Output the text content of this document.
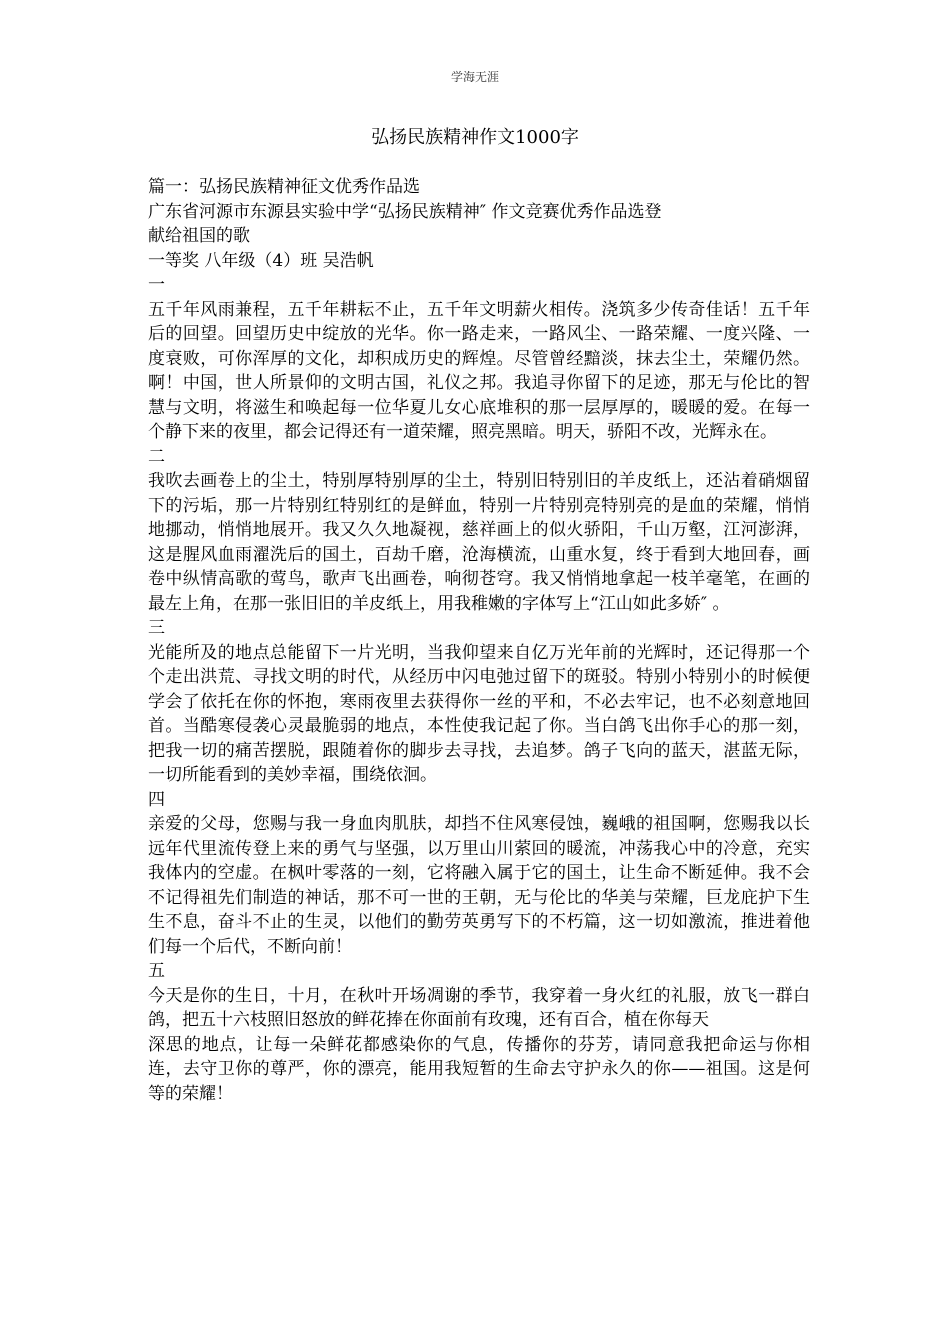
学海无涯
弘扬民族精神作文1000字
篇一：弘扬民族精神征文优秀作品选
广东省河源市东源县实验中学“弘扬民族精神″ 作文竞赛优秀作品选登
献给祖国的歌
一等奖 八年级（4）班 吴浩帆
一
五千年风雨兼程，五千年耕耘不止，五千年文明薪火相传。浇筑多少传奇佳话！五千年后的回望。回望历史中绽放的光华。你一路走来，一路风尘、一路荣耀、一度兴隆、一度衰败，可你浑厚的文化，却积成历史的辉煌。尽管曾经黯淡，抹去尘土，荣耀仍然。啊！中国，世人所景仰的文明古国，礼仪之邦。我追寻你留下的足迹，那无与伦比的智慧与文明，将滋生和唤起每一位华夏儿女心底堆积的那一层厚厚的，暖暖的爱。在每一个静下来的夜里，都会记得还有一道荣耀，照亮黑暗。明天，骄阳不改，光辉永在。
二
我吹去画卷上的尘土，特别厚特别厚的尘土，特别旧特别旧的羊皮纸上，还沾着硝烟留下的污垢，那一片特别红特别红的是鲜血，特别一片特别亮特别亮的是血的荣耀，悄悄地挪动，悄悄地展开。我又久久地凝视，慈祥画上的似火骄阳，千山万壑，江河澎湃，这是腥风血雨濯洗后的国土，百劫千磨，沧海横流，山重水复，终于看到大地回春，画卷中纵情高歌的莺鸟，歌声飞出画卷，响彻苍穹。我又悄悄地拿起一枝羊毫笔，在画的最左上角，在那一张旧旧的羊皮纸上，用我稚嫩的字体写上“江山如此多娇″ 。
三
光能所及的地点总能留下一片光明，当我仰望来自亿万光年前的光辉时，还记得那一个个走出洪荒、寻找文明的时代，从经历中闪电弛过留下的斑驳。特别小特别小的时候便学会了依托在你的怀抱，寒雨夜里去获得你一丝的平和，不必去牢记，也不必刻意地回首。当酷寒侵袭心灵最脆弱的地点，本性使我记起了你。当白鸽飞出你手心的那一刻，把我一切的痛苦摆脱，跟随着你的脚步去寻找，去追梦。鸽子飞向的蓝天，湛蓝无际，一切所能看到的美妙幸福，围绕依洄。
四
亲爱的父母，您赐与我一身血肉肌肤，却挡不住风寒侵蚀，巍峨的祖国啊，您赐我以长远年代里流传登上来的勇气与坚强，以万里山川萦回的暖流，冲荡我心中的冷意，充实我体内的空虚。在枫叶零落的一刻，它将融入属于它的国土，让生命不断延伸。我不会不记得祖先们制造的神话，那不可一世的王朝，无与伦比的华美与荣耀，巨龙庇护下生生不息，奋斗不止的生灵，以他们的勤劳英勇写下的不朽篇，这一切如激流，推进着他们每一个后代，不断向前！
五
今天是你的生日，十月，在秋叶开场凋谢的季节，我穿着一身火红的礼服，放飞一群白鸽，把五十六枝照旧怒放的鲜花捧在你面前有玫瑰，还有百合，植在你每天
深思的地点，让每一朵鲜花都感染你的气息，传播你的芬芳，请同意我把命运与你相连，去守卫你的尊严，你的漂亮，能用我短暂的生命去守护永久的你——祖国。这是何等的荣耀！
